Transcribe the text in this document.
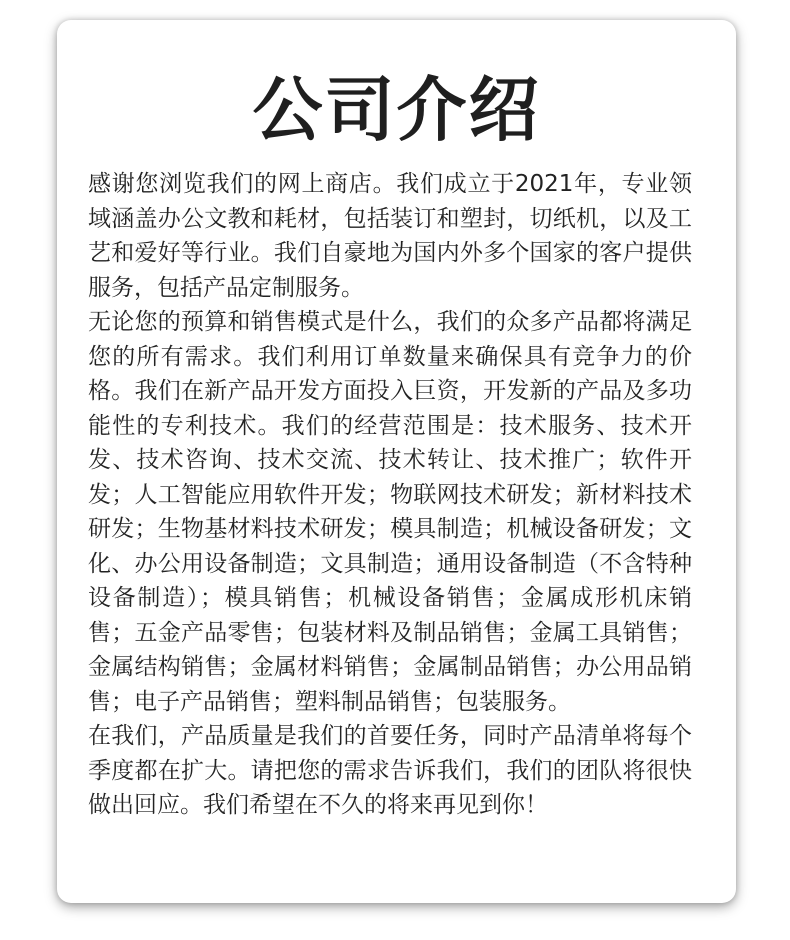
公司介绍

感谢您浏览我们的网上商店。我们成立于2021年，专业领域涵盖办公文教和耗材，包括装订和塑封，切纸机，以及工艺和爱好等行业。我们自豪地为国内外多个国家的客户提供服务，包括产品定制服务。

无论您的预算和销售模式是什么，我们的众多产品都将满足您的所有需求。我们利用订单数量来确保具有竞争力的价格。我们在新产品开发方面投入巨资，开发新的产品及多功能性的专利技术。我们的经营范围是：技术服务、技术开发、技术咨询、技术交流、技术转让、技术推广；软件开发；人工智能应用软件开发；物联网技术研发；新材料技术研发；生物基材料技术研发；模具制造；机械设备研发；文化、办公用设备制造；文具制造；通用设备制造（不含特种设备制造）；模具销售；机械设备销售；金属成形机床销售；五金产品零售；包装材料及制品销售；金属工具销售；金属结构销售；金属材料销售；金属制品销售；办公用品销售；电子产品销售；塑料制品销售；包装服务。

在我们，产品质量是我们的首要任务，同时产品清单将每个季度都在扩大。请把您的需求告诉我们，我们的团队将很快做出回应。我们希望在不久的将来再见到你！
